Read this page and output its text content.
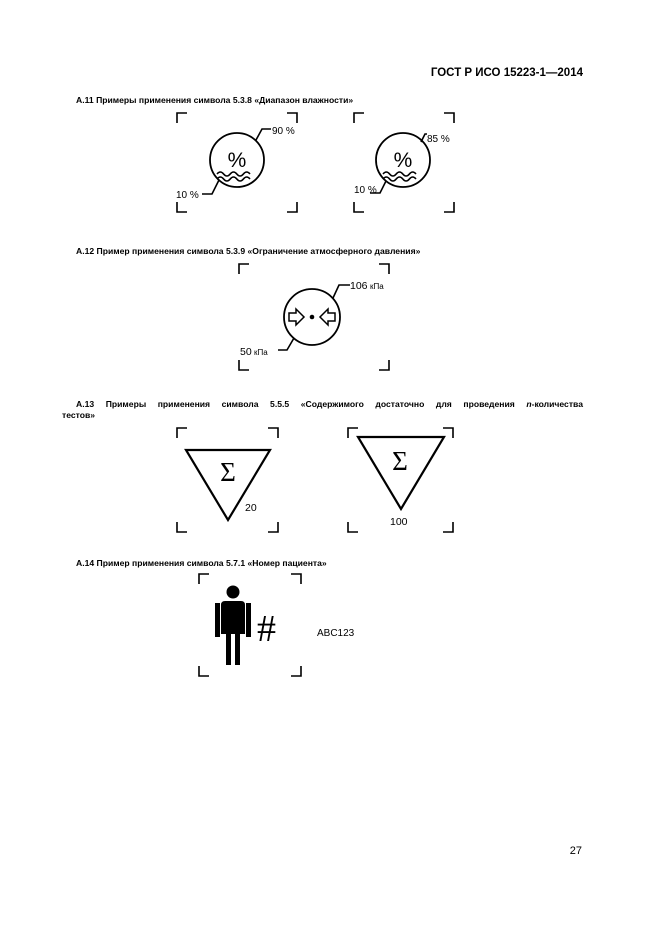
ГОСТ Р ИСО 15223-1—2014
А.11 Примеры применения символа 5.3.8 «Диапазон влажности»
А.12 Пример применения символа 5.3.9 «Ограничение атмосферного давления»
А.13 Примеры применения символа 5.5.5 «Содержимого достаточно для проведения n-количества
тестов»
А.14 Пример применения символа 5.7.1 «Номер пациента»
%
90 %
10 %
%
85 %
10 %
106 кПа
50 кПа
Σ
20
Σ
100
#	ABC123
27
